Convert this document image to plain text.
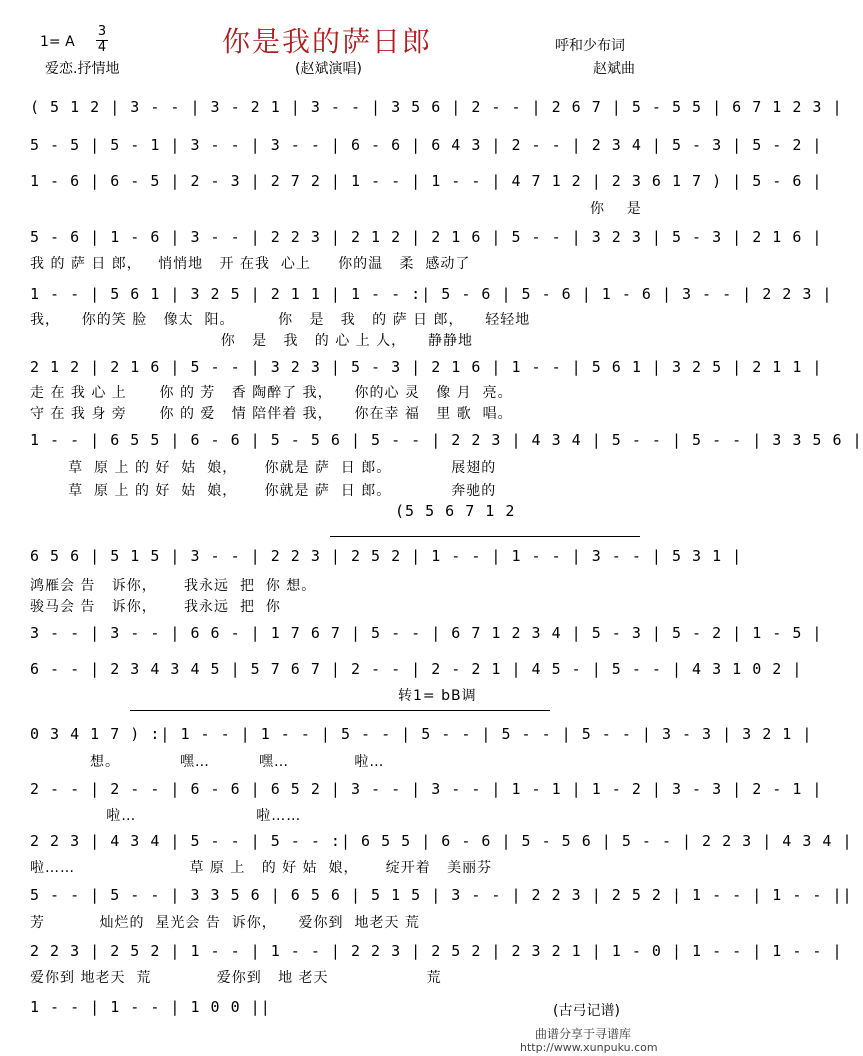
1= A
3
4	你是我的萨日郎	呼和少布词
爱恋.抒情地	(赵斌演唱)	赵斌曲
( 5 1 2 | 3 - - | 3 - 2 1 | 3 - - | 3 5 6 | 2 - - | 2 6 7 | 5 - 5 5 | 6 7 1 2 3 |
5 - 5 | 5 - 1 | 3 - - | 3 - - | 6 - 6 | 6 4 3 | 2 - - | 2 3 4 | 5 - 3 | 5 - 2 |
1 - 6 | 6 - 5 | 2 - 3 | 2 7 2 | 1 - - | 1 - - | 4 7 1 2 | 2 3 6 1 7 ) | 5 - 6 |
你    是
5 - 6 | 1 - 6 | 3 - - | 2 2 3 | 2 1 2 | 2 1 6 | 5 - - | 3 2 3 | 5 - 3 | 2 1 6 |
我 的 萨 日 郎，   悄悄地   开 在我  心上     你的温   柔  感动了
1 - - | 5 6 1 | 3 2 5 | 2 1 1 | 1 - - :| 5 - 6 | 5 - 6 | 1 - 6 | 3 - - | 2 2 3 |
我，    你的笑 脸   像太  阳。        你   是   我   的 萨 日 郎，    轻轻地
你   是   我   的 心 上 人，    静静地
2 1 2 | 2 1 6 | 5 - - | 3 2 3 | 5 - 3 | 2 1 6 | 1 - - | 5 6 1 | 3 2 5 | 2 1 1 |
走 在 我 心 上      你 的 芳   香 陶醉了 我，    你的心 灵   像 月  亮。
守 在 我 身 旁      你 的 爱   情 陪伴着 我，    你在幸 福   里 歌  唱。
1 - - | 6 5 5 | 6 - 6 | 5 - 5 6 | 5 - - | 2 2 3 | 4 3 4 | 5 - - | 5 - - | 3 3 5 6 |
草  原 上 的 好  姑  娘，     你就是 萨  日 郎。           展翅的
草  原 上 的 好  姑  娘，     你就是 萨  日 郎。           奔驰的
(5 5 6 7 1 2
6 5 6 | 5 1 5 | 3 - - | 2 2 3 | 2 5 2 | 1 - - | 1 - - | 3 - - | 5 3 1 |
鸿雁会 告   诉你，     我永远  把  你 想。
骏马会 告   诉你，     我永远  把  你
3 - - | 3 - - | 6 6 - | 1 7 6 7 | 5 - - | 6 7 1 2 3 4 | 5 - 3 | 5 - 2 | 1 - 5 |
6 - - | 2 3 4 3 4 5 | 5 7 6 7 | 2 - - | 2 - 2 1 | 4 5 - | 5 - - | 4 3 1 0 2 |
转1= bB调
0 3 4 1 7 ) :| 1 - - | 1 - - | 5 - - | 5 - - | 5 - - | 5 - - | 3 - 3 | 3 2 1 |
想。           嘿…         嘿…            啦…
2 - - | 2 - - | 6 - 6 | 6 5 2 | 3 - - | 3 - - | 1 - 1 | 1 - 2 | 3 - 3 | 2 - 1 |
啦…                      啦……
2 2 3 | 4 3 4 | 5 - - | 5 - - :| 6 5 5 | 6 - 6 | 5 - 5 6 | 5 - - | 2 2 3 | 4 3 4 |
啦……                     草 原 上   的 好 姑  娘，     绽开着   美丽芬
5 - - | 5 - - | 3 3 5 6 | 6 5 6 | 5 1 5 | 3 - - | 2 2 3 | 2 5 2 | 1 - - | 1 - - ||
芳          灿烂的  星光会 告  诉你，    爱你到  地老天 荒
2 2 3 | 2 5 2 | 1 - - | 1 - - | 2 2 3 | 2 5 2 | 2 3 2 1 | 1 - 0 | 1 - - | 1 - - |
爱你到 地老天  荒            爱你到   地 老天                  荒
1 - - | 1 - - | 1 0 0 ||	(古弓记谱)
曲谱分享于寻谱库
http://www.xunpuku.com
